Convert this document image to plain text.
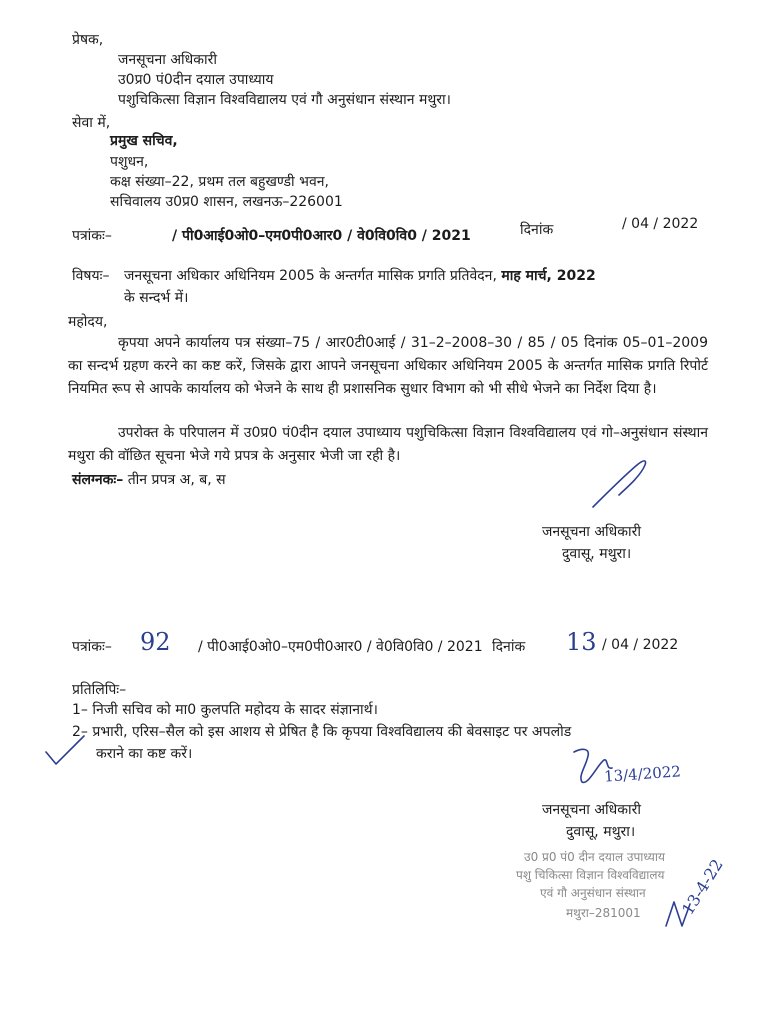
प्रेषक,
जनसूचना अधिकारी
उ0प्र0 पं0दीन दयाल उपाध्याय
पशुचिकित्सा विज्ञान विश्वविद्यालय एवं गौ अनुसंधान संस्थान मथुरा।
सेवा में,
प्रमुख सचिव,
पशुधन,
कक्ष संख्या–22, प्रथम तल बहुखण्डी भवन,
सचिवालय उ0प्र0 शासन, लखनऊ–226001
पत्रांकः–	/ पी0आई0ओ0–एम0पी0आर0 / वे0वि0वि0 / 2021	दिनांक	/ 04 / 2022
विषयः– जनसूचना अधिकार अधिनियम 2005 के अन्तर्गत मासिक प्रगति प्रतिवेदन, माह मार्च, 2022
के सन्दर्भ में।
महोदय,
कृपया अपने कार्यालय पत्र संख्या–75 / आर0टी0आई / 31–2–2008–30 / 85 / 05 दिनांक 05–01–2009 का सन्दर्भ ग्रहण करने का कष्ट करें, जिसके द्वारा आपने जनसूचना अधिकार अधिनियम 2005 के अन्तर्गत मासिक प्रगति रिपोर्ट नियमित रूप से आपके कार्यालय को भेजने के साथ ही प्रशासनिक सुधार विभाग को भी सीधे भेजने का निर्देश दिया है।
उपरोक्त के परिपालन में उ0प्र0 पं0दीन दयाल उपाध्याय पशुचिकित्सा विज्ञान विश्वविद्यालय एवं गो–अनुसंधान संस्थान मथुरा की वॉछित सूचना भेजे गये प्रपत्र के अनुसार भेजी जा रही है।
संलग्नकः– तीन प्रपत्र अ, ब, स
जनसूचना अधिकारी
दुवासू, मथुरा।
पत्रांकः– 92 / पी0आई0ओ0–एम0पी0आर0 / वे0वि0वि0 / 2021 दिनांक 13 / 04 / 2022
प्रतिलिपिः–
1– निजी सचिव को मा0 कुलपति महोदय के सादर संज्ञानार्थ।
2– प्रभारी, एरिस–सैल को इस आशय से प्रेषित है कि कृपया विश्वविद्यालय की बेवसाइट पर अपलोड
कराने का कष्ट करें।
13/4/2022
जनसूचना अधिकारी
दुवासू, मथुरा।
उ0 प्र0 पं0 दीन दयाल उपाध्याय
पशु चिकित्सा विज्ञान विश्वविद्यालय
एवं गौ अनुसंधान संस्थान
मथुरा–281001 13-4-22
